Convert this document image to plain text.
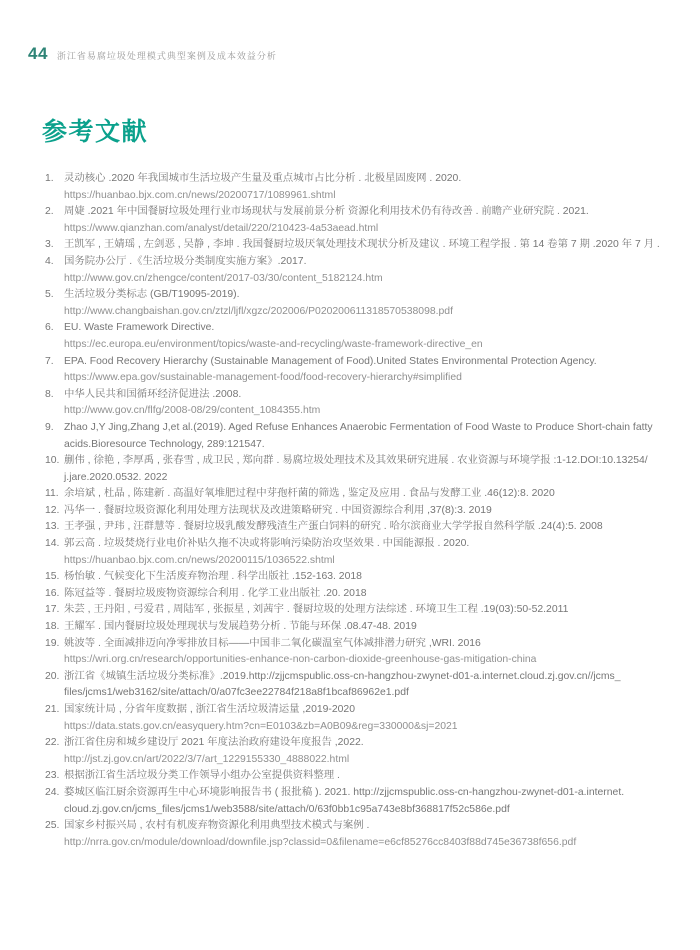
44 浙江省易腐垃圾处理模式典型案例及成本效益分析
参考文献
1. 灵动核心 .2020 年我国城市生活垃圾产生量及重点城市占比分析 . 北极星固废网 . 2020.
https://huanbao.bjx.com.cn/news/20200717/1089961.shtml
2. 周婕 .2021 年中国餐厨垃圾处理行业市场现状与发展前景分析 资源化利用技术仍有待改善 . 前瞻产业研究院 . 2021.
https://www.qianzhan.com/analyst/detail/220/210423-4a53aead.html
3. 王凯军 , 王婧瑶 , 左剑恶 , 吴静 , 李坤 . 我国餐厨垃圾厌氧处理技术现状分析及建议 . 环境工程学报 . 第 14 卷第 7 期 .2020 年 7 月 .
4. 国务院办公厅 .《生活垃圾分类制度实施方案》.2017.
http://www.gov.cn/zhengce/content/2017-03/30/content_5182124.htm
5. 生活垃圾分类标志 (GB/T19095-2019).
http://www.changbaishan.gov.cn/ztzl/ljfl/xgzc/202006/P020200611318570538098.pdf
6. EU. Waste Framework Directive.
https://ec.europa.eu/environment/topics/waste-and-recycling/waste-framework-directive_en
7. EPA. Food Recovery Hierarchy (Sustainable Management of Food).United States Environmental Protection Agency.
https://www.epa.gov/sustainable-management-food/food-recovery-hierarchy#simplified
8. 中华人民共和国循环经济促进法 .2008.
http://www.gov.cn/flfg/2008-08/29/content_1084355.htm
9. Zhao J,Y Jing,Zhang J,et al.(2019). Aged Refuse Enhances Anaerobic Fermentation of Food Waste to Produce Short-chain fatty
acids.Bioresource Technology, 289:121547.
10. 蒯伟 , 徐艳 , 李厚禹 , 张春雪 , 成卫民 , 郑向群 . 易腐垃圾处理技术及其效果研究进展 . 农业资源与环境学报 :1-12.DOI:10.13254/
j.jare.2020.0532. 2022
11. 余培斌 , 杜晶 , 陈建新 . 高温好氧堆肥过程中芽孢杆菌的筛选 , 鉴定及应用 . 食品与发酵工业 .46(12):8. 2020
12. 冯华一 . 餐厨垃圾资源化利用处理方法现状及改进策略研究 . 中国资源综合利用 ,37(8):3. 2019
13. 王孝强 , 尹玮 , 汪群慧等 . 餐厨垃圾乳酸发酵残渣生产蛋白饲料的研究 . 哈尔滨商业大学学报自然科学版 .24(4):5. 2008
14. 郭云高 . 垃圾焚烧行业电价补贴久拖不决或将影响污染防治攻坚效果 . 中国能源报 . 2020.
https://huanbao.bjx.com.cn/news/20200115/1036522.shtml
15. 杨怡敏 . 气候变化下生活废弃物治理 . 科学出版社 .152-163. 2018
16. 陈冠益等 . 餐厨垃圾废物资源综合利用 . 化学工业出版社 .20. 2018
17. 朱芸 , 王丹阳 , 弓爱君 , 周陆军 , 张振星 , 刘茜宇 . 餐厨垃圾的处理方法综述 . 环境卫生工程 .19(03):50-52.2011
18. 王耀军 . 国内餐厨垃圾处理现状与发展趋势分析 . 节能与环保 .08.47-48. 2019
19. 姚波等 . 全面减排迈向净零排放目标——中国非二氧化碳温室气体减排潜力研究 ,WRI. 2016
https://wri.org.cn/research/opportunities-enhance-non-carbon-dioxide-greenhouse-gas-mitigation-china
20. 浙江省《城镇生活垃圾分类标准》.2019.http://zjjcmspublic.oss-cn-hangzhou-zwynet-d01-a.internet.cloud.zj.gov.cn//jcms_
files/jcms1/web3162/site/attach/0/a07fc3ee22784f218a8f1bcaf86962e1.pdf
21. 国家统计局 , 分省年度数据 , 浙江省生活垃圾清运量 ,2019-2020
https://data.stats.gov.cn/easyquery.htm?cn=E0103&zb=A0B09&reg=330000&sj=2021
22. 浙江省住房和城乡建设厅 2021 年度法治政府建设年度报告 ,2022.
http://jst.zj.gov.cn/art/2022/3/7/art_1229155330_4888022.html
23. 根据浙江省生活垃圾分类工作领导小组办公室提供资料整理 .
24. 婺城区临江厨余资源再生中心环境影响报告书 ( 报批稿 ). 2021. http://zjjcmspublic.oss-cn-hangzhou-zwynet-d01-a.internet.
cloud.zj.gov.cn/jcms_files/jcms1/web3588/site/attach/0/63f0bb1c95a743e8bf368817f52c586e.pdf
25. 国家乡村振兴局 , 农村有机废弃物资源化利用典型技术模式与案例 .
http://nrra.gov.cn/module/download/downfile.jsp?classid=0&filename=e6cf85276cc8403f88d745e36738f656.pdf
